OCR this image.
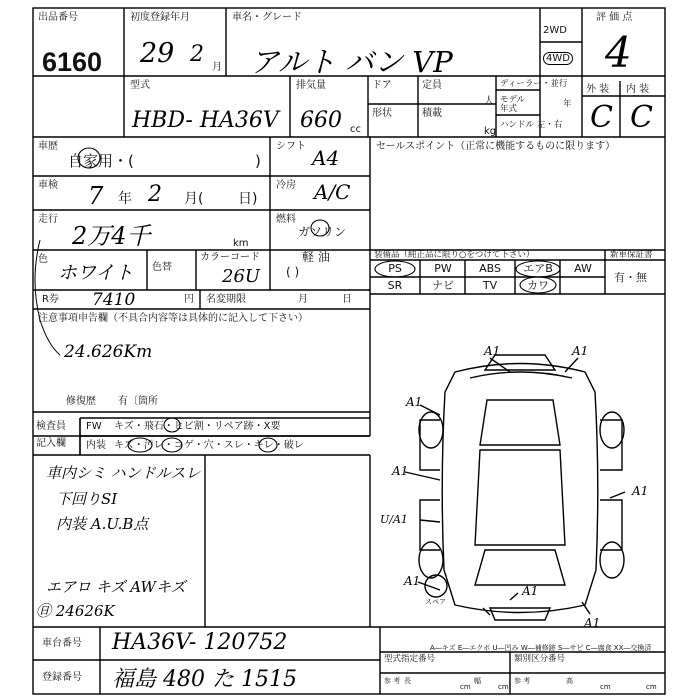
出品番号
6160
初度登録年月
29 2
月
車名・グレード
アルト バン VP
2WD
4WD
評 価 点
4
型式
HBD- HA36V
排気量
660 cc
ドア	定員
人
形状	積載
kg
ディーラー・並行
モデル 年式	年
ハンドル 左・右
外 装 内 装
C C
車歴
自家用・(	)
シフト A4
車検 7 年 2 月( 日)
冷房 A/C
走行
2万4千	km
燃料
ガソリン
軽 油
( )
色
ホワイト 色替
カラーコード
26U
R券 7410	円 名変期限	月	日
セールスポイント（正常に機能するものに限ります）
装備品（純正品に限り○をつけて下さい）	新車保証書
有・無
PS	PW	ABS	エアB	AW
SR	ナビ	TV	カワ
注意事項申告欄（不具合内容等は具体的に記入して下さい）
24.626Km
修復歴 有〔箇所
検査員
記入欄
FW キズ・飛石・ヒビ割・リペア跡・X要
内装 キズ・汚レ・コゲ・穴・スレ・キレ・破レ
車内シミ ハンドルスレ
下回りSI
内装 A.U.B点
エアロ キズ AWキズ
㊐ 24626K
A1	A1
A1
A1
A1
U/A1
A1
A1
A1
スペア
A―キズ E―エクボ U―凹み W―補修跡 S―サビ C―腐食 XX―交換済
型式指定番号	類別区分番号
参 考 長
cm
幅
cm
参 考	高
cm	cm
車台番号 HA36V- 120752
登録番号 福島 480 た 1515
